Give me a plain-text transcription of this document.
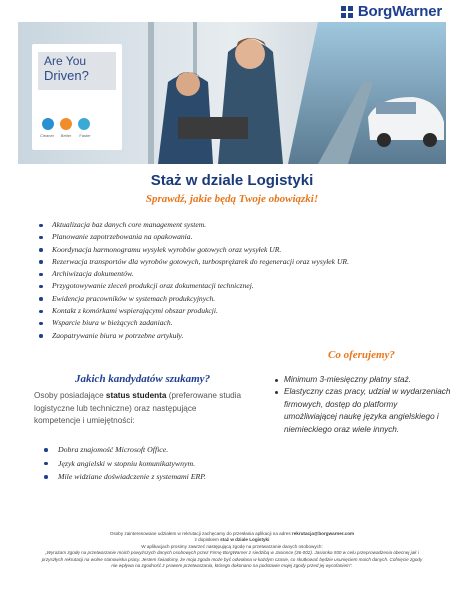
BorgWarner
Are You
Driven?
Cleaner	Better	Faster
Staż w dziale Logistyki
Sprawdź, jakie będą Twoje obowiązki!
Aktualizacja baz danych core management system.
Planowanie zapotrzebowania na opakowania.
Koordynacja harmonogramu wysyłek wyrobów gotowych oraz wysyłek UR.
Rezerwacja transportów dla wyrobów gotowych, turbosprężarek do regeneracji oraz wysyłek UR.
Archiwizacja dokumentów.
Przygotowywanie zleceń produkcji oraz dokumentacji technicznej.
Ewidencja pracowników w systemach produkcyjnych.
Kontakt z komórkami wspierającymi obszar produkcji.
Wsparcie biura w bieżących zadaniach.
Zaopatrywanie biura w potrzebne artykuły.
Jakich kandydatów szukamy?
Osoby posiadające status studenta (preferowane studia logistyczne lub techniczne) oraz następujące kompetencje i umiejętności:
Dobra znajomość Microsoft Office.
Język angielski w stopniu komunikatywnym.
Mile widziane doświadczenie z systemami ERP.
Co oferujemy?
Minimum 3-miesięczny płatny staż.
Elastyczny czas pracy, udział w wydarzeniach firmowych, dostęp do platformy umożliwiającej naukę języka angielskiego i niemieckiego oraz wiele innych.
Osoby zainteresowane udziałem w rekrutacji zachęcamy do przesłania aplikacji na adres rekrutacja@borgwarner.com
z dopiskiem staż w dziale Logistyki
W aplikacjach prosimy zawrzeć następującą zgodę na przetwarzanie danych osobowych:
„Wyrażam zgodę na przetwarzanie moich powyższych danych osobowych przez Firmę BorgWarner z siedzibą w Jasionce (36-002). Jasionka 930 w celu przeprowadzenia obecnej jak i przyszłych rekrutacji na wolne stanowiska pracy. Jestem świadomy, że moja zgoda może być odwołana w każdym czasie, co skutkować będzie usunięciem moich danych. Cofnięcie zgody nie wpływa na zgodność z prawem przetwarzania, którego dokonano na podstawie mojej zgody przed jej wycofaniem”.
